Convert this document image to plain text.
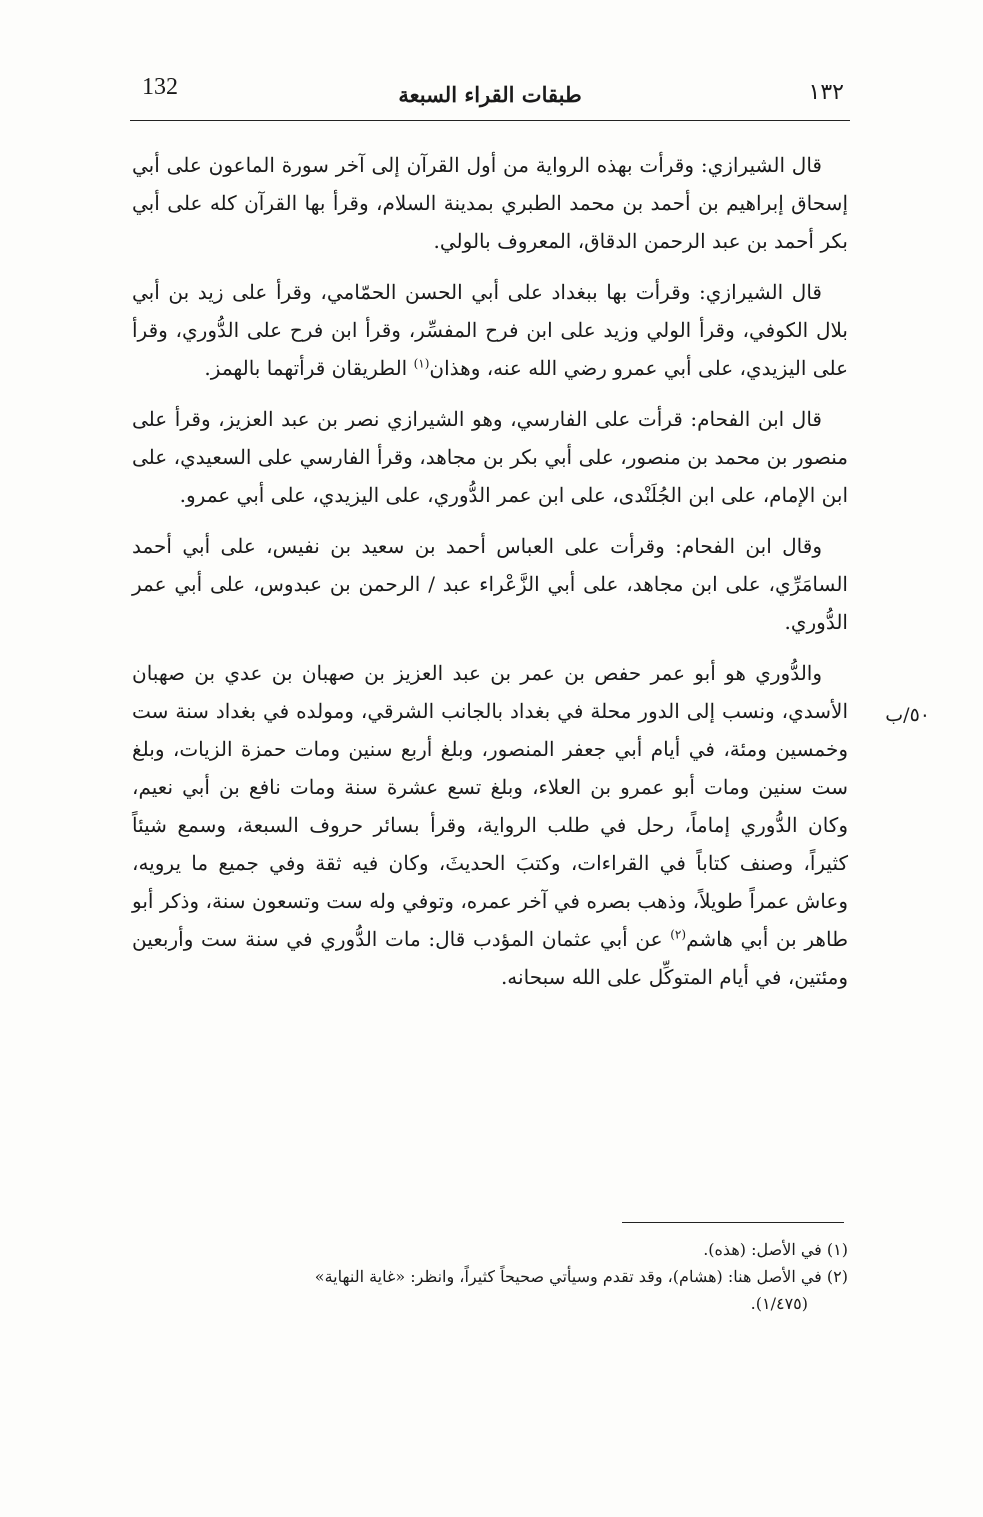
132	طبقات القراء السبعة	١٣٢

قال الشيرازي: وقرأت بهذه الرواية من أول القرآن إلى آخر سورة الماعون على أبي إسحاق إبراهيم بن أحمد بن محمد الطبري بمدينة السلام، وقرأ بها القرآن كله على أبي بكر أحمد بن عبد الرحمن الدقاق، المعروف بالولي.

قال الشيرازي: وقرأت بها ببغداد على أبي الحسن الحمّامي، وقرأ على زيد بن أبي بلال الكوفي، وقرأ الولي وزيد على ابن فرح المفسِّر، وقرأ ابن فرح على الدُّوري، وقرأ على اليزيدي، على أبي عمرو رضي الله عنه، وهذان$^{(١)}$ الطريقان قرأتهما بالهمز.

قال ابن الفحام: قرأت على الفارسي، وهو الشيرازي نصر بن عبد العزيز، وقرأ على منصور بن محمد بن منصور، على أبي بكر بن مجاهد، وقرأ الفارسي على السعيدي، على ابن الإمام، على ابن الجُلَنْدى، على ابن عمر الدُّوري، على اليزيدي، على أبي عمرو.

وقال ابن الفحام: وقرأت على العباس أحمد بن سعيد بن نفيس، على أبي أحمد السامَرِّي، على ابن مجاهد، على أبي الزَّعْراء عبد / الرحمن بن عبدوس، على أبي عمر الدُّوري.

والدُّوري هو أبو عمر حفص بن عمر بن عبد العزيز بن صهبان بن عدي بن صهبان الأسدي، ونسب إلى الدور محلة في بغداد بالجانب الشرقي، ومولده في بغداد سنة ست وخمسين ومئة، في أيام أبي جعفر المنصور، وبلغ أربع سنين ومات حمزة الزيات، وبلغ ست سنين ومات أبو عمرو بن العلاء، وبلغ تسع عشرة سنة ومات نافع بن أبي نعيم، وكان الدُّوري إماماً، رحل في طلب الرواية، وقرأ بسائر حروف السبعة، وسمع شيئاً كثيراً، وصنف كتاباً في القراءات، وكتبَ الحديثَ، وكان فيه ثقة وفي جميع ما يرويه، وعاش عمراً طويلاً، وذهب بصره في آخر عمره، وتوفي وله ست وتسعون سنة، وذكر أبو طاهر بن أبي هاشم$^{(٢)}$ عن أبي عثمان المؤدب قال: مات الدُّوري في سنة ست وأربعين ومئتين، في أيام المتوكِّل على الله سبحانه.

٥٠/ب

(١) في الأصل: (هذه).

(٢) في الأصل هنا: (هشام)، وقد تقدم وسيأتي صحيحاً كثيراً، وانظر: «غاية النهاية»

(١/٤٧٥).
